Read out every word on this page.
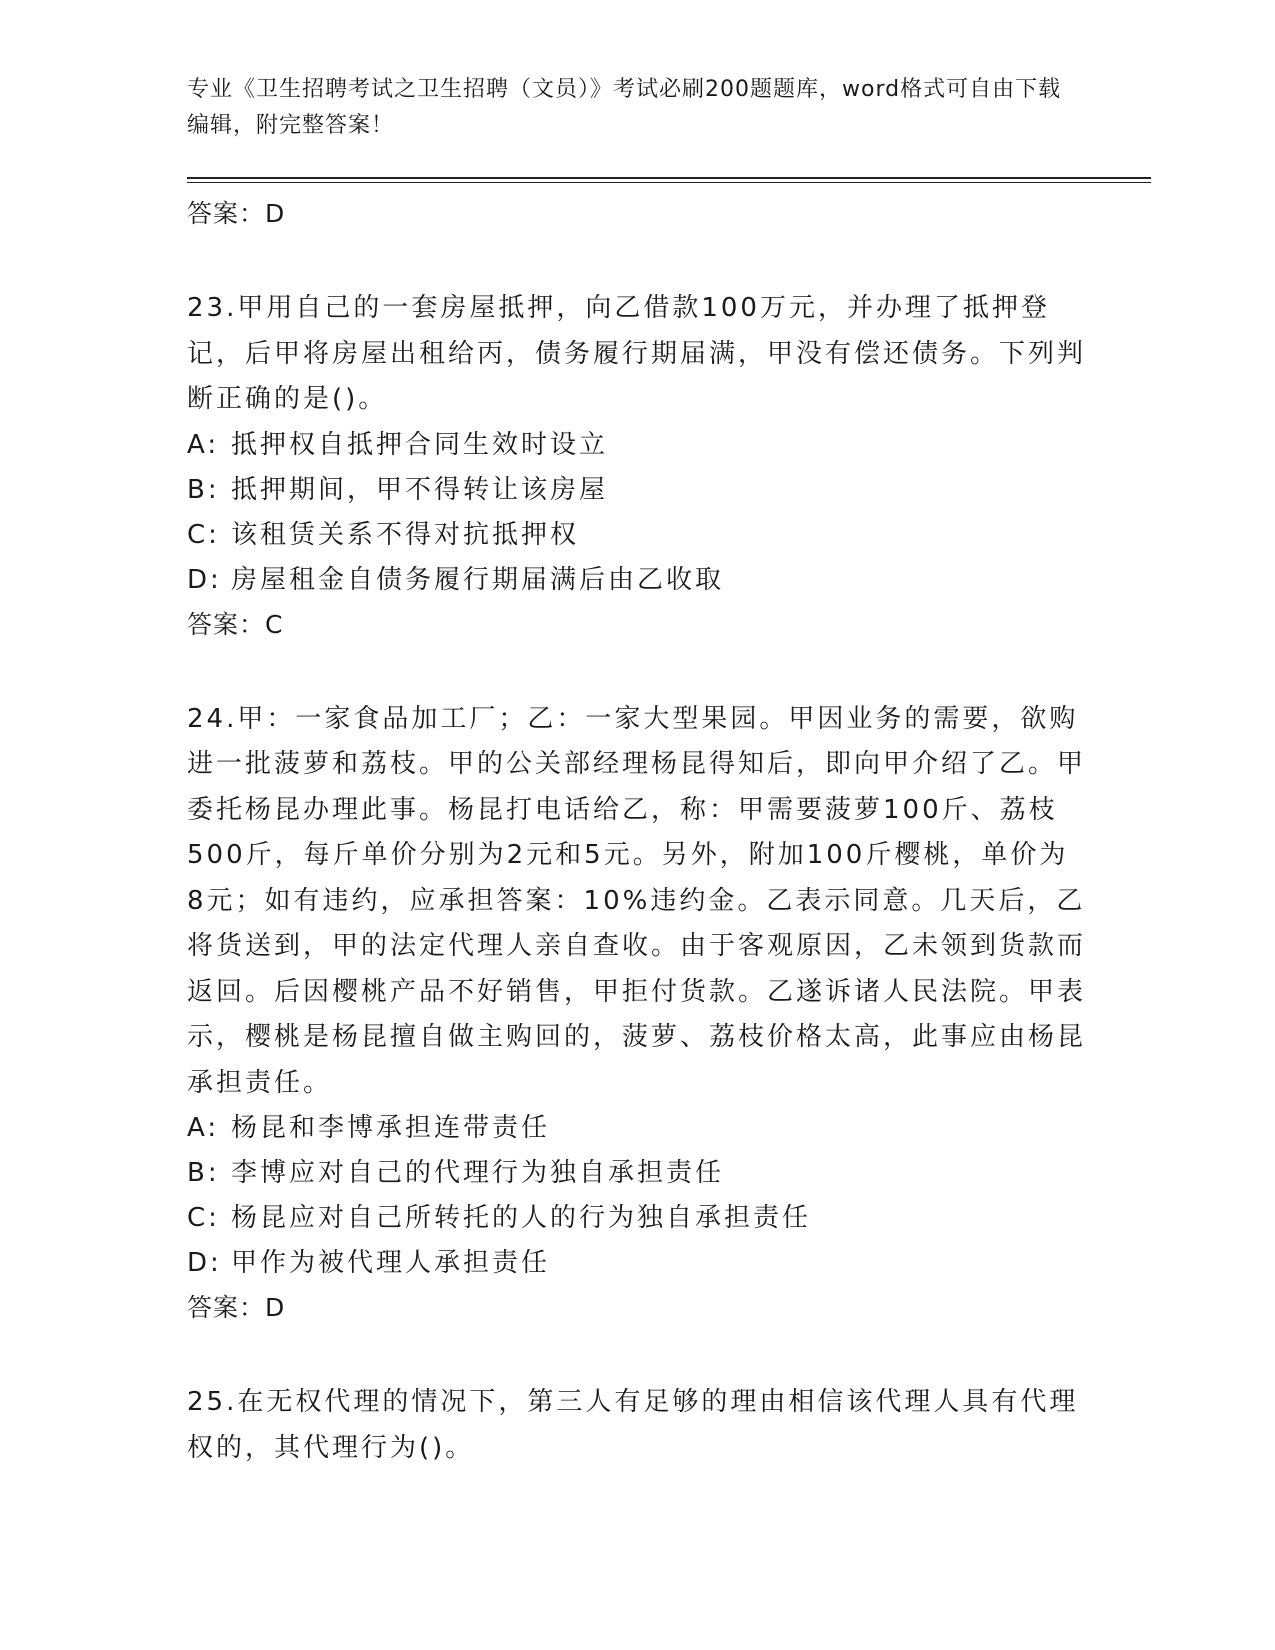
专业《卫生招聘考试之卫生招聘（文员）》考试必刷200题题库，word格式可自由下载编辑，附完整答案！

答案：D

23.甲用自己的一套房屋抵押，向乙借款100万元，并办理了抵押登记，后甲将房屋出租给丙，债务履行期届满，甲没有偿还债务。下列判断正确的是()。

A: 抵押权自抵押合同生效时设立

B: 抵押期间，甲不得转让该房屋

C: 该租赁关系不得对抗抵押权

D: 房屋租金自债务履行期届满后由乙收取

答案：C

24.甲：一家食品加工厂；乙：一家大型果园。甲因业务的需要，欲购进一批菠萝和荔枝。甲的公关部经理杨昆得知后，即向甲介绍了乙。甲委托杨昆办理此事。杨昆打电话给乙，称：甲需要菠萝100斤、荔枝500斤，每斤单价分别为2元和5元。另外，附加100斤樱桃，单价为8元；如有违约，应承担答案：10%违约金。乙表示同意。几天后，乙将货送到，甲的法定代理人亲自查收。由于客观原因，乙未领到货款而返回。后因樱桃产品不好销售，甲拒付货款。乙遂诉诸人民法院。甲表示，樱桃是杨昆擅自做主购回的，菠萝、荔枝价格太高，此事应由杨昆承担责任。

A: 杨昆和李博承担连带责任

B: 李博应对自己的代理行为独自承担责任

C: 杨昆应对自己所转托的人的行为独自承担责任

D: 甲作为被代理人承担责任

答案：D

25.在无权代理的情况下，第三人有足够的理由相信该代理人具有代理权的，其代理行为()。
